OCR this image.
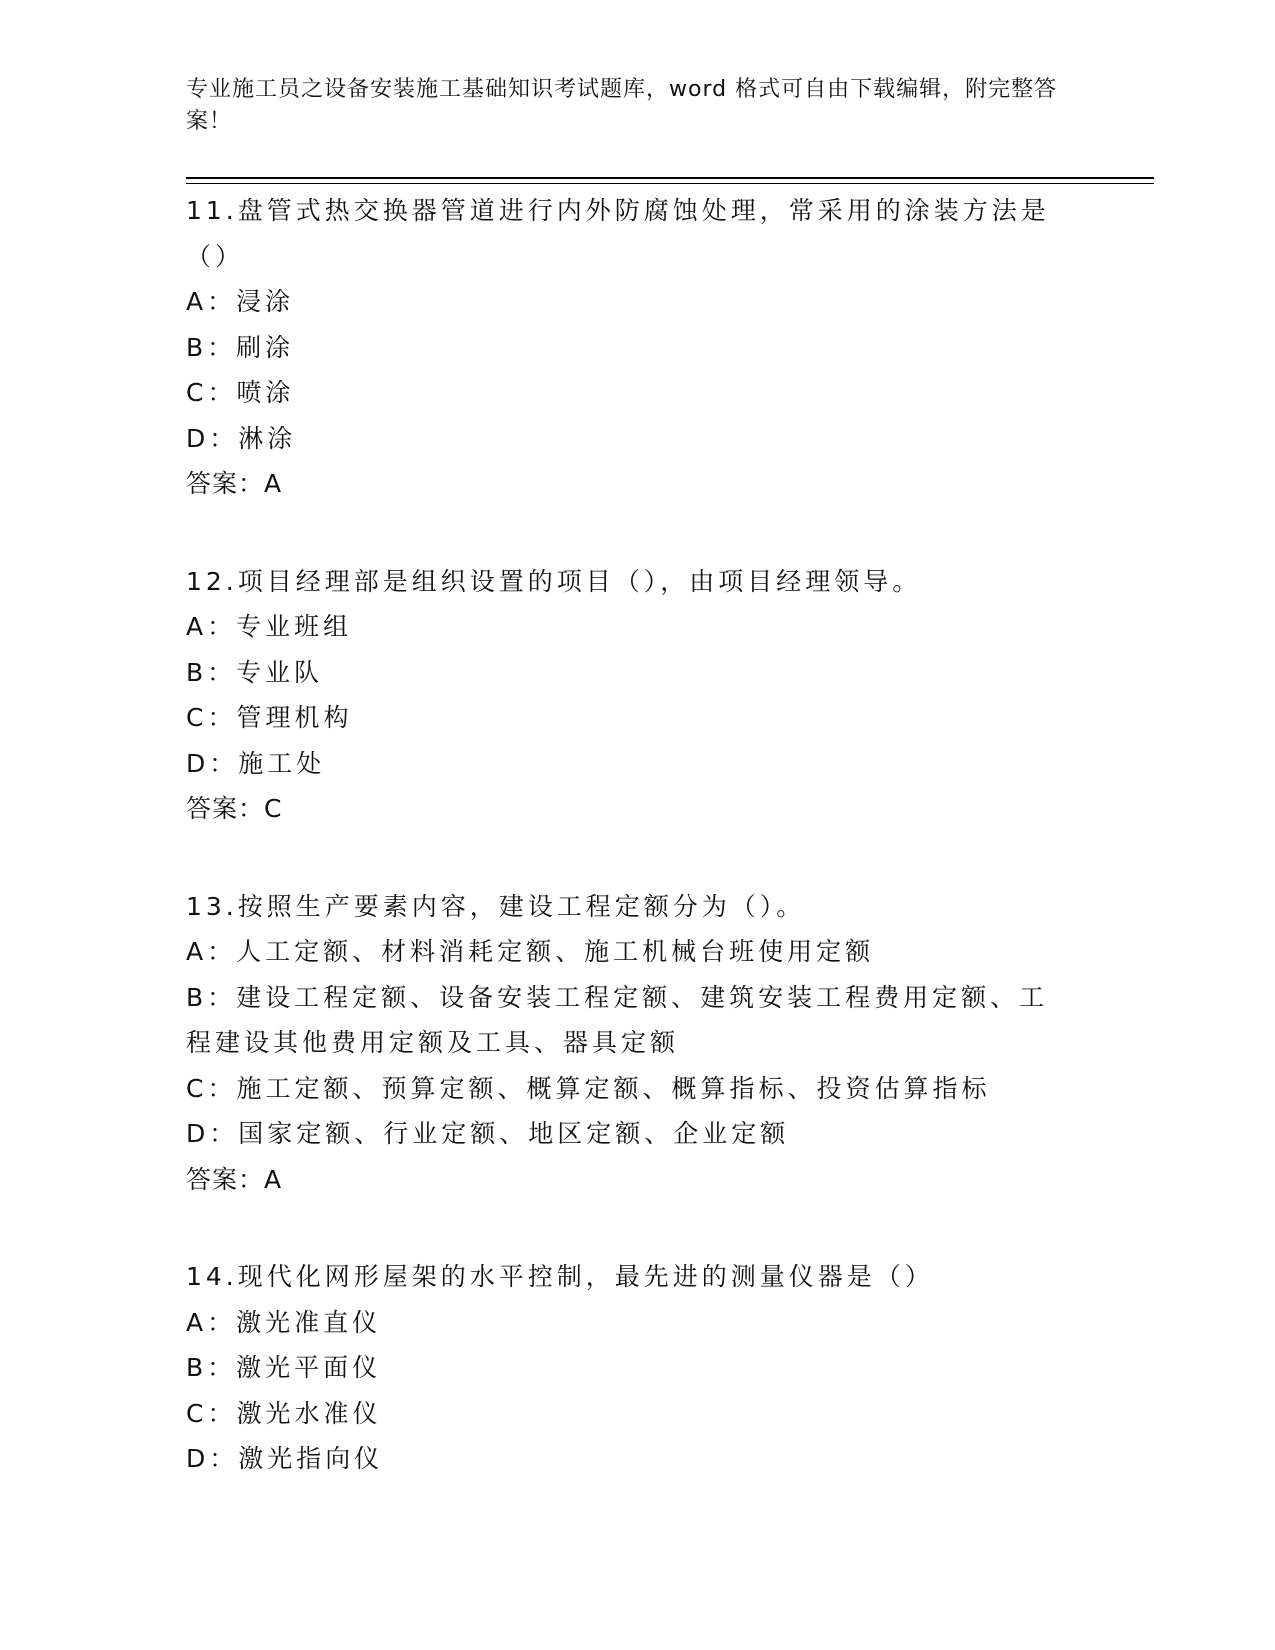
专业施工员之设备安装施工基础知识考试题库，word 格式可自由下载编辑，附完整答案！
11.盘管式热交换器管道进行内外防腐蚀处理，常采用的涂装方法是（）
A：浸涂
B：刷涂
C：喷涂
D：淋涂
答案：A
12.项目经理部是组织设置的项目（），由项目经理领导。
A：专业班组
B：专业队
C：管理机构
D：施工处
答案：C
13.按照生产要素内容，建设工程定额分为（）。
A：人工定额、材料消耗定额、施工机械台班使用定额
B：建设工程定额、设备安装工程定额、建筑安装工程费用定额、工程建设其他费用定额及工具、器具定额
C：施工定额、预算定额、概算定额、概算指标、投资估算指标
D：国家定额、行业定额、地区定额、企业定额
答案：A
14.现代化网形屋架的水平控制，最先进的测量仪器是（）
A：激光准直仪
B：激光平面仪
C：激光水准仪
D：激光指向仪
